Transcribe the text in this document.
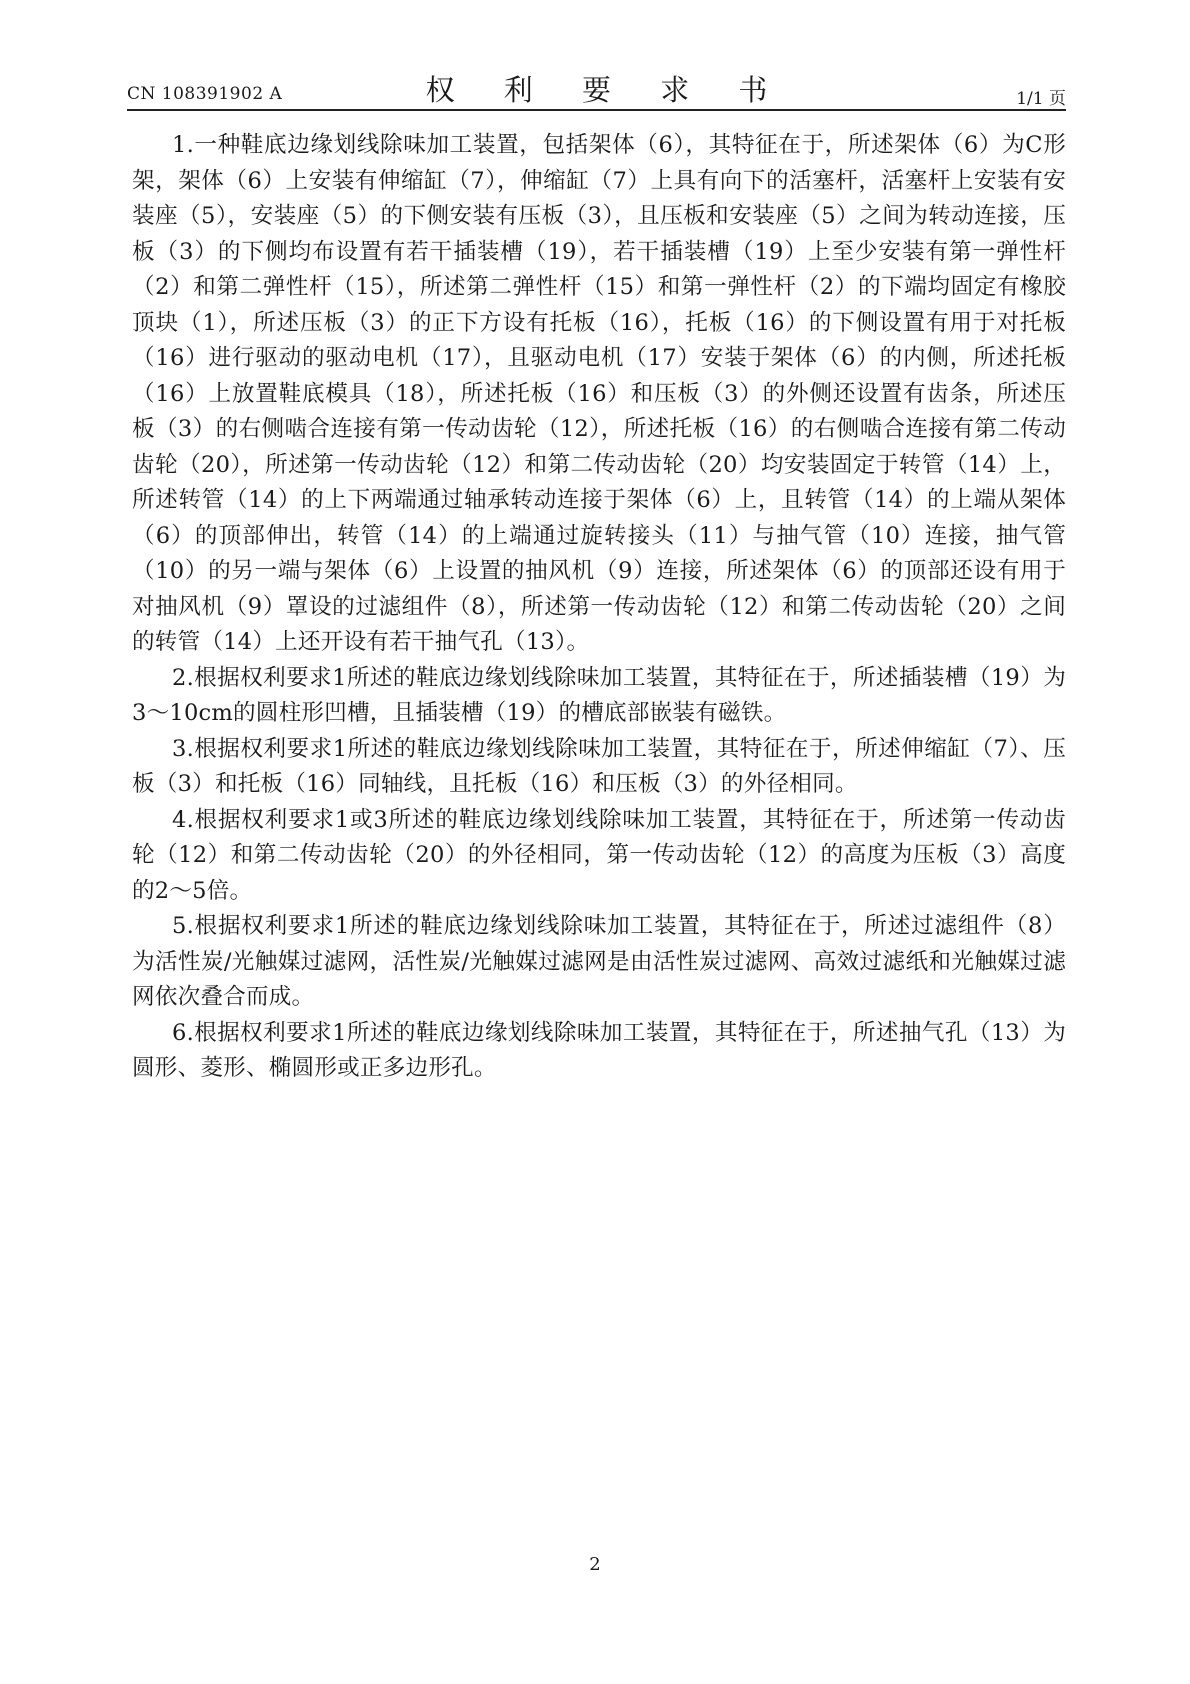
CN 108391902 A	权 利 要 求 书	1/1 页

1.一种鞋底边缘划线除味加工装置，包括架体（6），其特征在于，所述架体（6）为C形架，架体（6）上安装有伸缩缸（7），伸缩缸（7）上具有向下的活塞杆，活塞杆上安装有安装座（5），安装座（5）的下侧安装有压板（3），且压板和安装座（5）之间为转动连接，压板（3）的下侧均布设置有若干插装槽（19），若干插装槽（19）上至少安装有第一弹性杆（2）和第二弹性杆（15），所述第二弹性杆（15）和第一弹性杆（2）的下端均固定有橡胶顶块（1），所述压板（3）的正下方设有托板（16），托板（16）的下侧设置有用于对托板（16）进行驱动的驱动电机（17），且驱动电机（17）安装于架体（6）的内侧，所述托板（16）上放置鞋底模具（18），所述托板（16）和压板（3）的外侧还设置有齿条，所述压板（3）的右侧啮合连接有第一传动齿轮（12），所述托板（16）的右侧啮合连接有第二传动齿轮（20），所述第一传动齿轮（12）和第二传动齿轮（20）均安装固定于转管（14）上，所述转管（14）的上下两端通过轴承转动连接于架体（6）上，且转管（14）的上端从架体（6）的顶部伸出，转管（14）的上端通过旋转接头（11）与抽气管（10）连接，抽气管（10）的另一端与架体（6）上设置的抽风机（9）连接，所述架体（6）的顶部还设有用于对抽风机（9）罩设的过滤组件（8），所述第一传动齿轮（12）和第二传动齿轮（20）之间的转管（14）上还开设有若干抽气孔（13）。

2.根据权利要求1所述的鞋底边缘划线除味加工装置，其特征在于，所述插装槽（19）为3～10cm的圆柱形凹槽，且插装槽（19）的槽底部嵌装有磁铁。

3.根据权利要求1所述的鞋底边缘划线除味加工装置，其特征在于，所述伸缩缸（7）、压板（3）和托板（16）同轴线，且托板（16）和压板（3）的外径相同。

4.根据权利要求1或3所述的鞋底边缘划线除味加工装置，其特征在于，所述第一传动齿轮（12）和第二传动齿轮（20）的外径相同，第一传动齿轮（12）的高度为压板（3）高度的2～5倍。

5.根据权利要求1所述的鞋底边缘划线除味加工装置，其特征在于，所述过滤组件（8）为活性炭/光触媒过滤网，活性炭/光触媒过滤网是由活性炭过滤网、高效过滤纸和光触媒过滤网依次叠合而成。

6.根据权利要求1所述的鞋底边缘划线除味加工装置，其特征在于，所述抽气孔（13）为圆形、菱形、椭圆形或正多边形孔。

2
